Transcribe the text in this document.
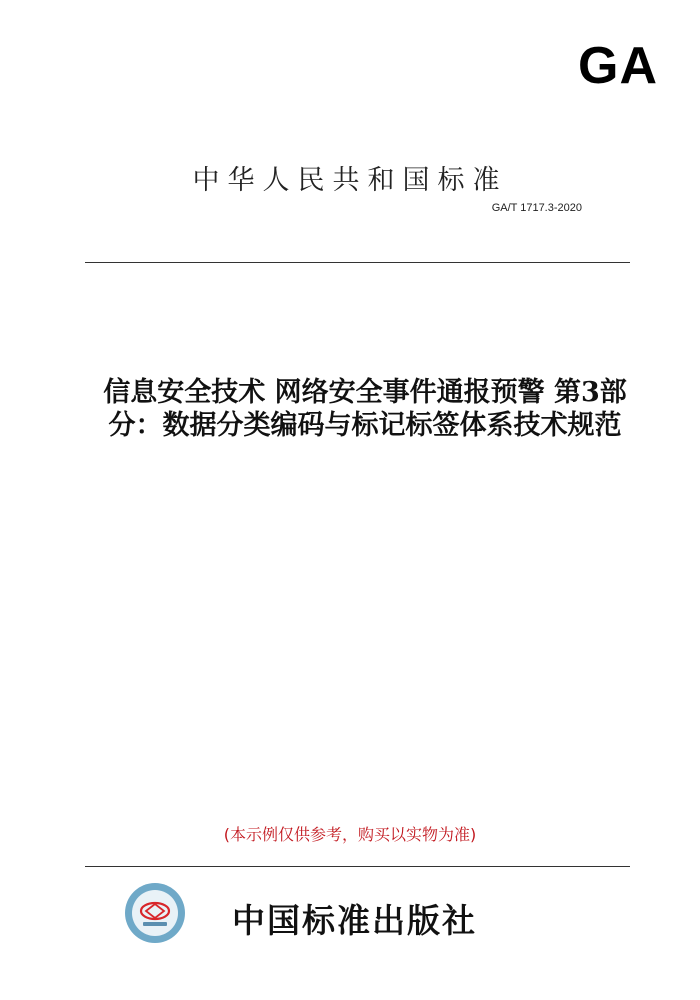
GA
中华人民共和国标准
GA/T 1717.3-2020
信息安全技术 网络安全事件通报预警 第3部
分：数据分类编码与标记标签体系技术规范
(本示例仅供参考，购买以实物为准)
中国标准出版社
